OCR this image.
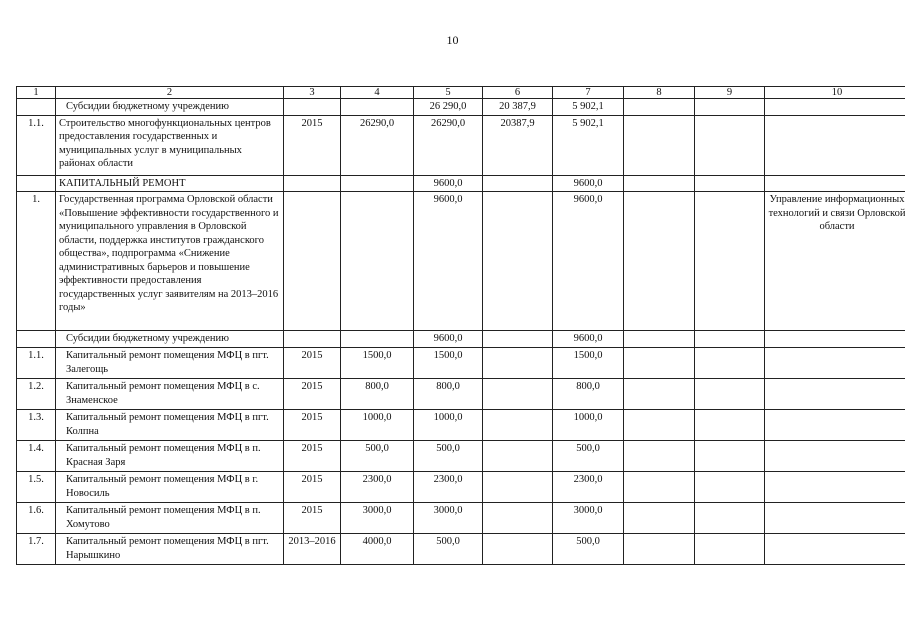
10
1	2	3	4	5	6	7	8	9	10
	Субсидии бюджетному учреждению			26 290,0	20 387,9	5 902,1			
1.1.	Строительство многофункциональных центров предоставления государственных и муниципальных услуг в муниципальных районах области	2015	26290,0	26290,0	20387,9	5 902,1			
	КАПИТАЛЬНЫЙ РЕМОНТ			9600,0		9600,0			
1.	Государственная программа Орловской области «Повышение эффективности государственного и муниципального управления в Орловской области, поддержка институтов гражданского общества», подпрограмма «Снижение административных барьеров и повышение эффективности предоставления государственных услуг заявителям на 2013–2016 годы»			9600,0		9600,0			Управление информационных технологий и связи Орловской области
	Субсидии бюджетному учреждению			9600,0		9600,0			
1.1.	Капитальный ремонт помещения МФЦ в пгт. Залегощь	2015	1500,0	1500,0		1500,0			
1.2.	Капитальный ремонт помещения МФЦ в с. Знаменское	2015	800,0	800,0		800,0			
1.3.	Капитальный ремонт помещения МФЦ в пгт. Колпна	2015	1000,0	1000,0		1000,0			
1.4.	Капитальный ремонт помещения МФЦ в п. Красная Заря	2015	500,0	500,0		500,0			
1.5.	Капитальный ремонт помещения МФЦ в г. Новосиль	2015	2300,0	2300,0		2300,0			
1.6.	Капитальный ремонт помещения МФЦ в п. Хомутово	2015	3000,0	3000,0		3000,0			
1.7.	Капитальный ремонт помещения МФЦ в пгт. Нарышкино	2013–2016	4000,0	500,0		500,0			
